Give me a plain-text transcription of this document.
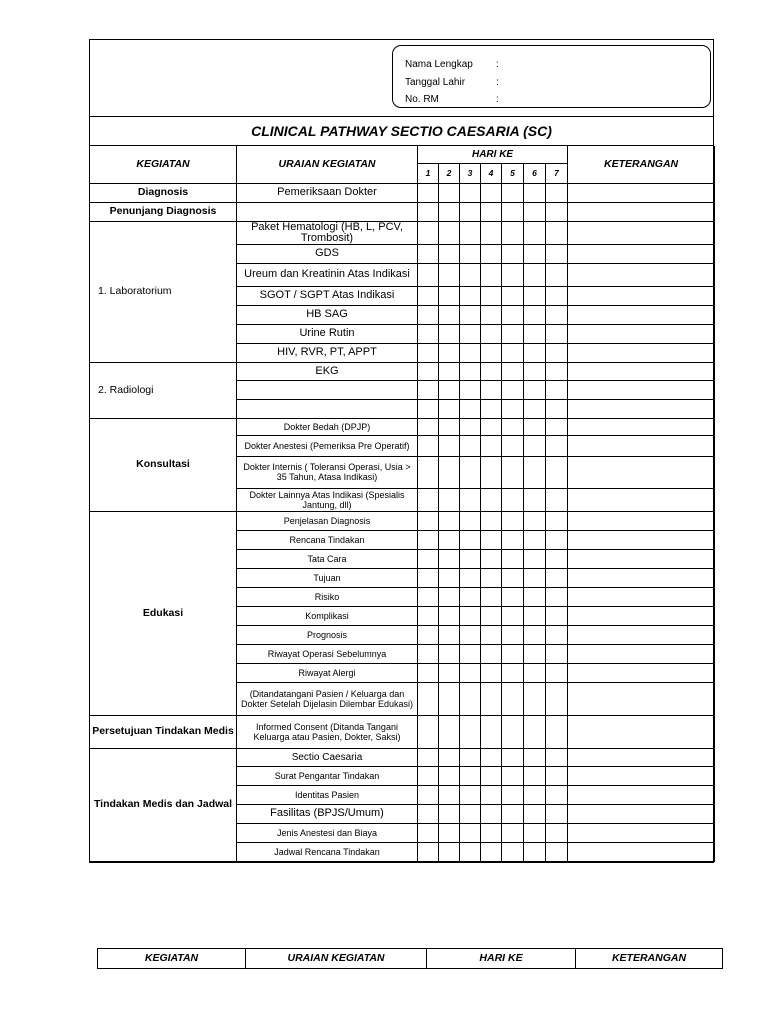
Nama Lengkap :
Tanggal Lahir	:
No. RM	:
CLINICAL PATHWAY SECTIO CAESARIA (SC)
KEGIATAN	URAIAN KEGIATAN	HARI KE							KETERANGAN
		1	2	3	4	5	6	7	
Diagnosis	Pemeriksaan Dokter								
Penunjang Diagnosis									
1. Laboratorium	Paket Hematologi (HB, L, PCV, Trombosit)								
	GDS								
	Ureum dan Kreatinin Atas Indikasi								
	SGOT / SGPT Atas Indikasi								
	HB SAG								
	Urine Rutin								
	HIV, RVR, PT, APPT								
2. Radiologi	EKG								

Konsultasi	Dokter Bedah (DPJP)								
	Dokter Anestesi (Pemeriksa Pre Operatif)								
	Dokter Internis ( Toleransi Operasi, Usia > 35 Tahun, Atasa Indikasi)								
	Dokter Lainnya Atas Indikasi (Spesialis Jantung, dll)								
Edukasi	Penjelasan Diagnosis								
	Rencana Tindakan								
	Tata Cara								
	Tujuan								
	Risiko								
	Komplikasi								
	Prognosis								
	Riwayat Operasi Sebelumnya								
	Riwayat Alergi								
	(Ditandatangani Pasien / Keluarga dan Dokter Setelah Dijelasin Dilembar Edukasi)								
Persetujuan Tindakan Medis	Informed Consent (Ditanda Tangani Keluarga atau Pasien, Dokter, Saksi)								
Tindakan Medis dan Jadwal	Sectio Caesaria								
	Surat Pengantar Tindakan								
	Identitas Pasien								
	Fasilitas (BPJS/Umum)								
	Jenis Anestesi dan Biaya								
	Jadwal Rencana Tindakan								
KEGIATAN	URAIAN KEGIATAN	HARI KE	KETERANGAN
